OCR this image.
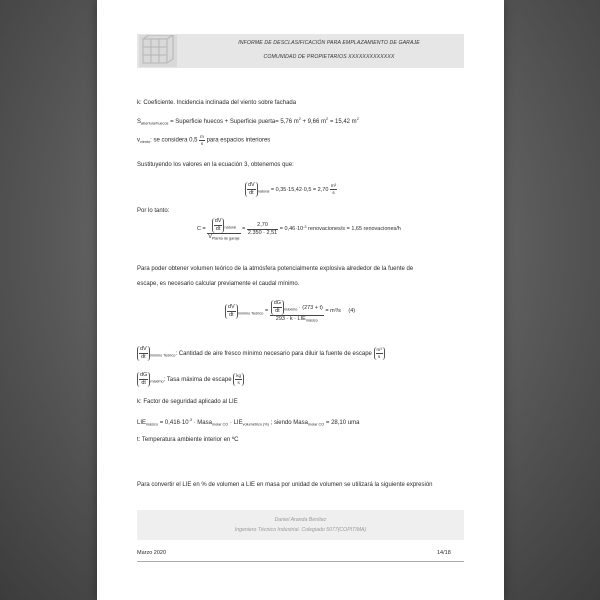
INFORME DE DESCLASIFICACIÓN PARA EMPLAZAMIENTO DE GARAJE
COMUNIDAD DE PROPIETARIOS XXXXXXXXXXXXX
k: Coeficiente. Incidencia inclinada del viento sobre fachada
$S_{abertura/huecos}$ = Superficie huecos + Superficie puerta= 5,76 $m^2 + 9,66$ $m^2 = 15,42$ $m^2$
$v_{viento}$: se considera $0,5 \frac{m}{s}$ para espacios interiores
Sustituyendo los valores en la ecuación 3, obtenemos que:
$\frac{dV}{dt} _{natural} = 0,35\cdot 15,42\cdot 0,5 = 2,70 \frac{\text{m³}}{s}$
Por lo tanto:
$C = \frac{\frac{dV}{dt} _{natural}}{V_{Planta de garaje}} = \frac{2,70}{2.350 \cdot 2,51} = 0,46\cdot 10^{-3}$ renovaciones/s = 1,65 renovaciones/h
Para poder obtener volumen teórico de la atmósfera potencialmente explosiva alrededor de la fuente de
escape, es necesario calcular previamente el caudal mínimo.
$\frac{dV}{dt} _{mínimo Teórico} = \frac{\frac{dG}{dt} _{máximo} \cdot (273 + t)}{293 \cdot k \cdot LIE_{másico}} = m^3/s$ (4)
$\frac{dV}{dt} _{mínimo Teórico}$: Cantidad de aire fresco mínimo necesario para diluir la fuente de escape $\frac{\text{m³}}{s}$
$\frac{dG}{dt} _{máximo}$: Tasa máxima de escape $\frac{kg}{s}$
k: Factor de seguridad aplicado al LIE
$LIE_{másico} = 0,416\cdot 10^{-3}$ · Masa$_{molar CO}$ · $LIE_{volumétrico (\%)}$ ; siendo Masa$_{molar CO}$ = 28,10 uma
t: Temperatura ambiente interior en ºC
Para convertir el LIE en % de volumen a LIE en masa por unidad de volumen se utilizará la siguiente expresión
Daniel Aranda Benítez
Ingeniero Técnico Industrial. Colegiado 5077(COPITIMA)
Marzo 2020	14/18
